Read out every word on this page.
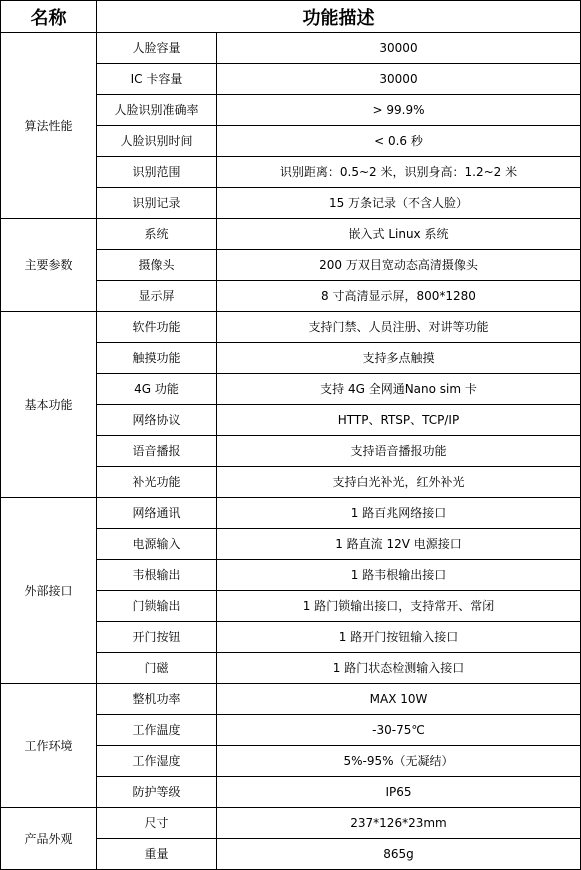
名称	功能描述	
算法性能	人脸容量	30000
	IC 卡容量	30000
	人脸识别准确率	> 99.9%
	人脸识别时间	< 0.6 秒
	识别范围	识别距离：0.5~2 米，识别身高：1.2~2 米
	识别记录	15 万条记录（不含人脸）
主要参数	系统	嵌入式 Linux 系统
	摄像头	200 万双目宽动态高清摄像头
	显示屏	8 寸高清显示屏，800*1280
基本功能	软件功能	支持门禁、人员注册、对讲等功能
	触摸功能	支持多点触摸
	4G 功能	支持 4G 全网通Nano sim 卡
	网络协议	HTTP、RTSP、TCP/IP
	语音播报	支持语音播报功能
	补光功能	支持白光补光，红外补光
外部接口	网络通讯	1 路百兆网络接口
	电源输入	1 路直流 12V 电源接口
	韦根输出	1 路韦根输出接口
	门锁输出	1 路门锁输出接口，支持常开、常闭
	开门按钮	1 路开门按钮输入接口
	门磁	1 路门状态检测输入接口
工作环境	整机功率	MAX 10W
	工作温度	-30-75℃
	工作湿度	5%-95%（无凝结）
	防护等级	IP65
产品外观	尺寸	237*126*23mm
	重量	865g
